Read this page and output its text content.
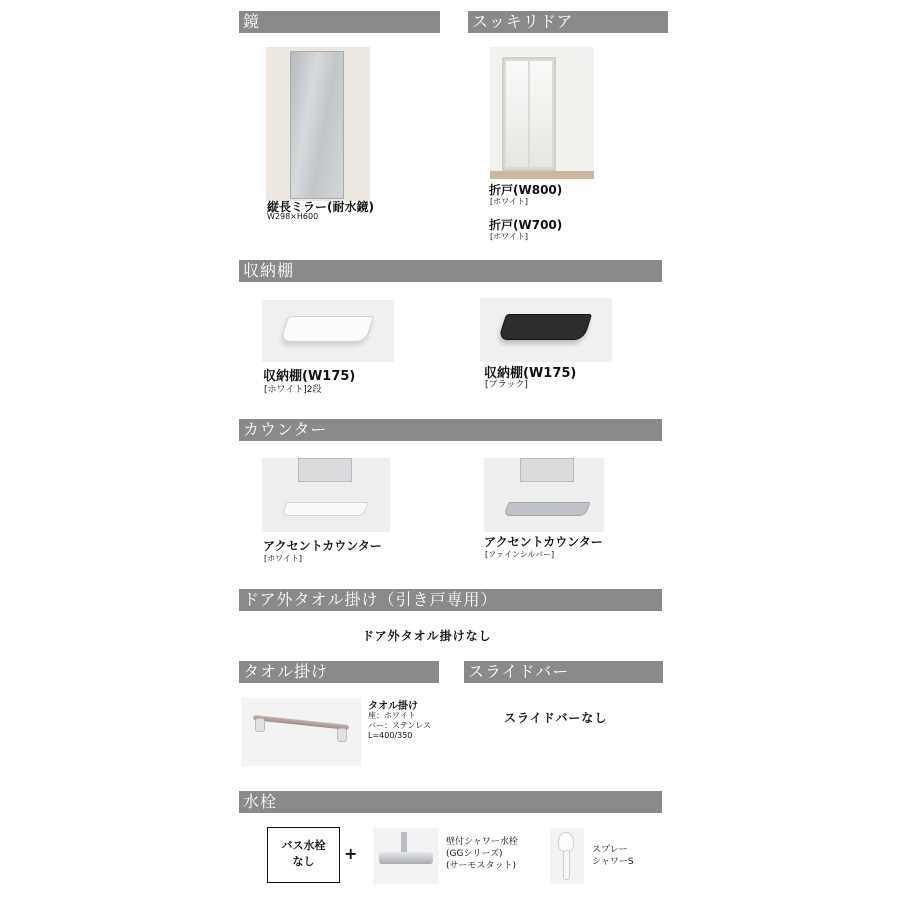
鏡	スッキリドア
収納棚
カウンター
ドア外タオル掛け（引き戸専用）
タオル掛け	スライドバー
水栓
縦長ミラー(耐水鏡)
W298×H600
折戸(W800)
[ホワイト]
折戸(W700)
[ホワイト]
収納棚(W175)
[ホワイト]2段
収納棚(W175)
[ブラック]
アクセントカウンター
[ホワイト]
アクセントカウンター
[ファインシルバー]
ドア外タオル掛けなし
タオル掛け
座：ホワイト
バー：ステンレス
L=400/350
スライドバーなし
バス水栓
なし	+
壁付シャワー水栓
(GGシリーズ)
(サーモスタット)
スプレー
シャワーS
